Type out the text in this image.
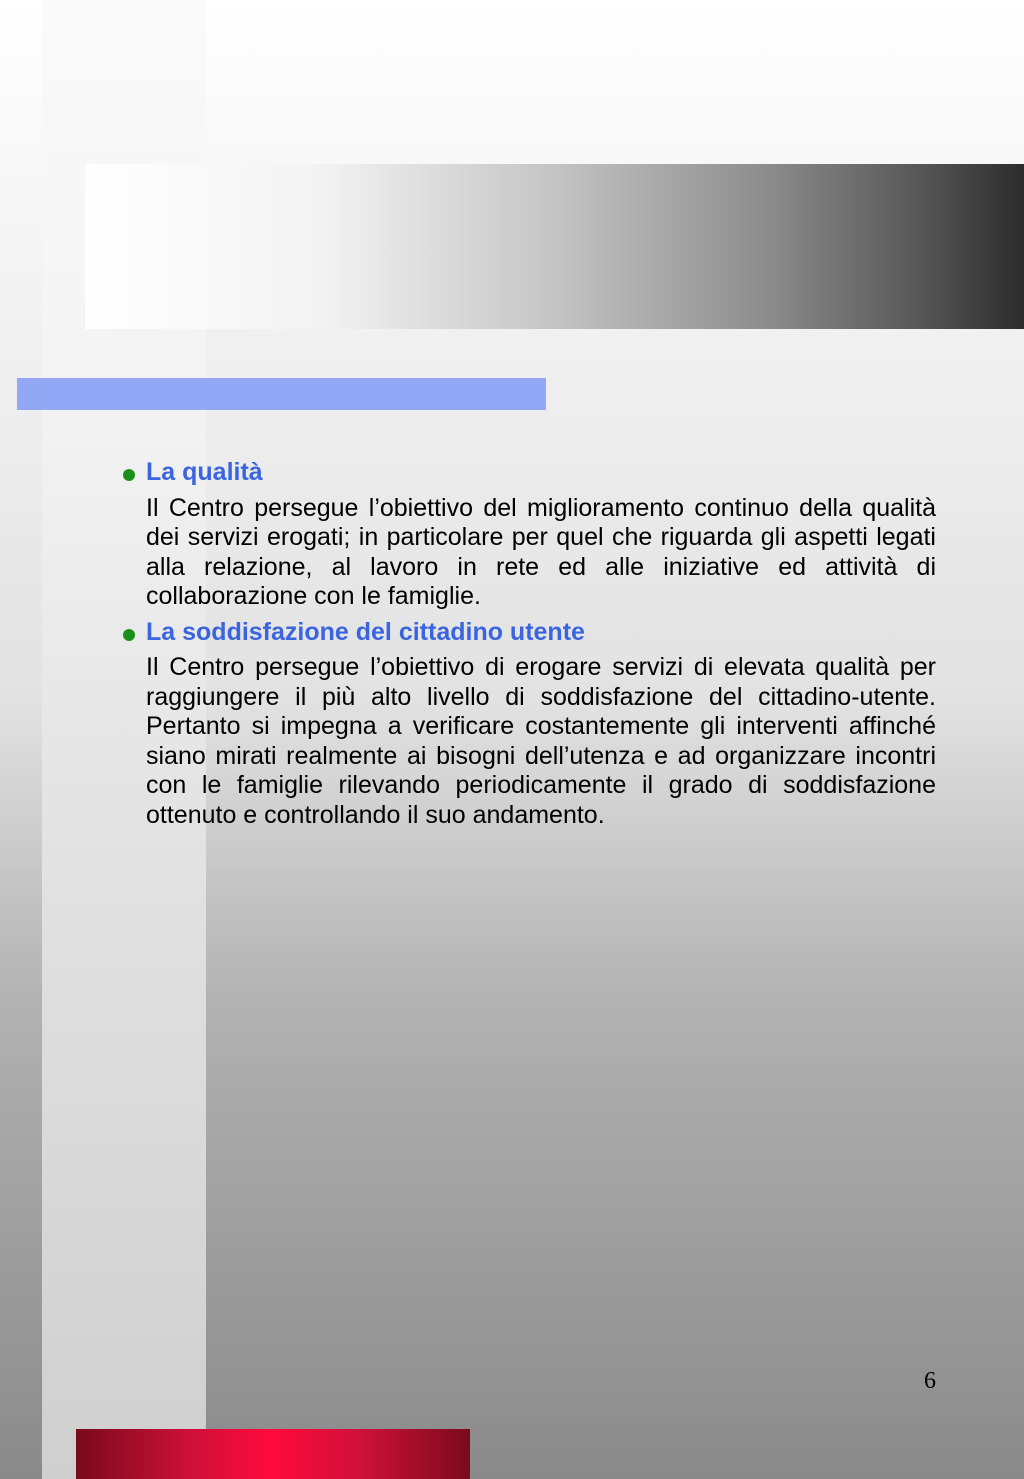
La qualità

Il Centro persegue l’obiettivo del miglioramento continuo della qualità dei servizi erogati; in particolare per quel che riguarda gli aspetti legati alla relazione, al lavoro in rete ed alle iniziative ed attività di collaborazione con le famiglie.

La soddisfazione del cittadino utente

Il Centro persegue l’obiettivo di erogare servizi di elevata qualità per raggiungere il più alto livello di soddisfazione del cittadino-utente. Pertanto si impegna a verificare costantemente gli interventi affinché siano mirati realmente ai bisogni dell’utenza e ad organizzare incontri con le famiglie rilevando periodicamente il grado di soddisfazione ottenuto e controllando il suo andamento.

6
